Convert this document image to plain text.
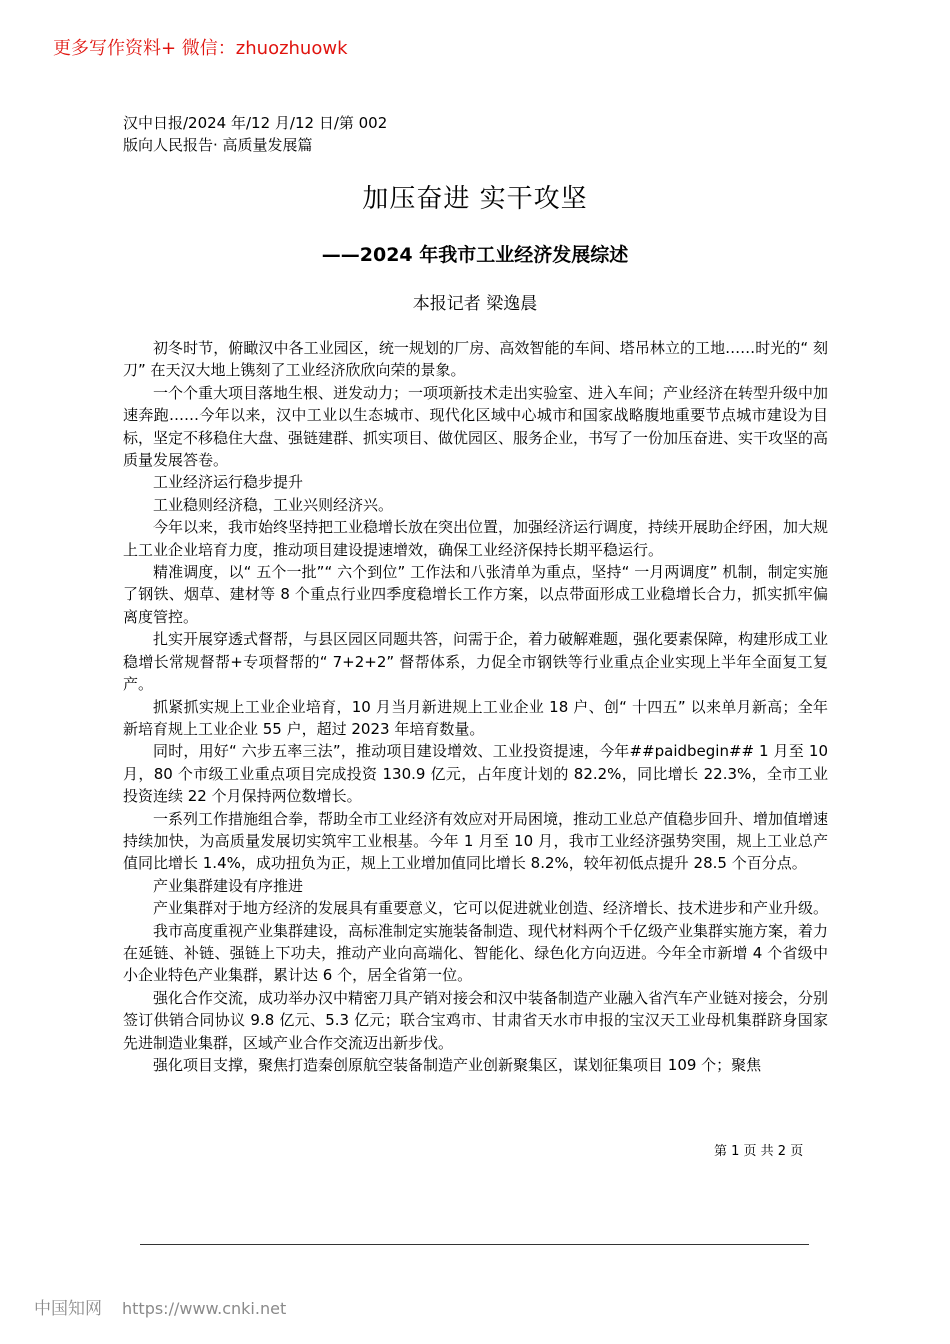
更多写作资料+ 微信：zhuozhuowk
汉中日报/2024 年/12 月/12 日/第 002
版向人民报告· 高质量发展篇
加压奋进 实干攻坚
——2024 年我市工业经济发展综述
本报记者 梁逸晨

初冬时节，俯瞰汉中各工业园区，统一规划的厂房、高效智能的车间、塔吊林立的工地……时光的“ 刻刀” 在天汉大地上镌刻了工业经济欣欣向荣的景象。

一个个重大项目落地生根、迸发动力；一项项新技术走出实验室、进入车间；产业经济在转型升级中加速奔跑……今年以来，汉中工业以生态城市、现代化区域中心城市和国家战略腹地重要节点城市建设为目标，坚定不移稳住大盘、强链建群、抓实项目、做优园区、服务企业，书写了一份加压奋进、实干攻坚的高质量发展答卷。

工业经济运行稳步提升

工业稳则经济稳，工业兴则经济兴。

今年以来，我市始终坚持把工业稳增长放在突出位置，加强经济运行调度，持续开展助企纾困，加大规上工业企业培育力度，推动项目建设提速增效，确保工业经济保持长期平稳运行。

精准调度，以“ 五个一批”“ 六个到位” 工作法和八张清单为重点，坚持“ 一月两调度” 机制，制定实施了钢铁、烟草、建材等 8 个重点行业四季度稳增长工作方案，以点带面形成工业稳增长合力，抓实抓牢偏离度管控。

扎实开展穿透式督帮，与县区园区同题共答，问需于企，着力破解难题，强化要素保障，构建形成工业稳增长常规督帮+专项督帮的“ 7+2+2” 督帮体系，力促全市钢铁等行业重点企业实现上半年全面复工复产。

抓紧抓实规上工业企业培育，10 月当月新进规上工业企业 18 户、创“ 十四五” 以来单月新高；全年新培育规上工业企业 55 户，超过 2023 年培育数量。

同时，用好“ 六步五率三法”，推动项目建设增效、工业投资提速，今年##paidbegin## 1 月至 10 月，80 个市级工业重点项目完成投资 130.9 亿元，占年度计划的 82.2%，同比增长 22.3%，全市工业投资连续 22 个月保持两位数增长。

一系列工作措施组合拳，帮助全市工业经济有效应对开局困境，推动工业总产值稳步回升、增加值增速持续加快，为高质量发展切实筑牢工业根基。今年 1 月至 10 月，我市工业经济强势突围，规上工业总产值同比增长 1.4%，成功扭负为正，规上工业增加值同比增长 8.2%，较年初低点提升 28.5 个百分点。

产业集群建设有序推进

产业集群对于地方经济的发展具有重要意义，它可以促进就业创造、经济增长、技术进步和产业升级。

我市高度重视产业集群建设，高标准制定实施装备制造、现代材料两个千亿级产业集群实施方案，着力在延链、补链、强链上下功夫，推动产业向高端化、智能化、绿色化方向迈进。今年全市新增 4 个省级中小企业特色产业集群，累计达 6 个，居全省第一位。

强化合作交流，成功举办汉中精密刀具产销对接会和汉中装备制造产业融入省汽车产业链对接会，分别签订供销合同协议 9.8 亿元、5.3 亿元；联合宝鸡市、甘肃省天水市申报的宝汉天工业母机集群跻身国家先进制造业集群，区域产业合作交流迈出新步伐。

强化项目支撑，聚焦打造秦创原航空装备制造产业创新聚集区，谋划征集项目 109 个；聚焦

第 1 页 共 2 页
中国知网 https://www.cnki.net
